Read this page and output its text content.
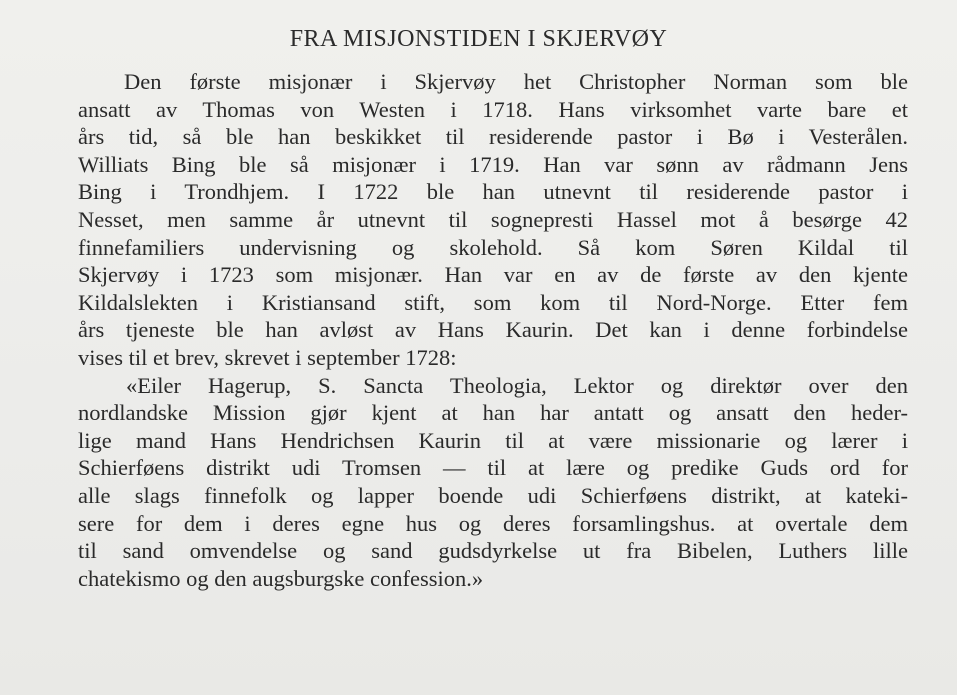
FRA MISJONSTIDEN I SKJERVØY
Den første misjonær i Skjervøy het Christopher Norman som ble
ansatt av Thomas von Westen i 1718. Hans virksomhet varte bare et
års tid, så ble han beskikket til residerende pastor i Bø i Vesterålen.
Williats Bing ble så misjonær i 1719. Han var sønn av rådmann Jens
Bing i Trondhjem. I 1722 ble han utnevnt til residerende pastor i
Nesset, men samme år utnevnt til sognepresti Hassel mot å besørge 42
finnefamiliers undervisning og skolehold. Så kom Søren Kildal til
Skjervøy i 1723 som misjonær. Han var en av de første av den kjente
Kildalslekten i Kristiansand stift, som kom til Nord-Norge. Etter fem
års tjeneste ble han avløst av Hans Kaurin. Det kan i denne forbindelse
vises til et brev, skrevet i september 1728:
«Eiler Hagerup, S. Sancta Theologia, Lektor og direktør over den
nordlandske Mission gjør kjent at han har antatt og ansatt den heder-
lige mand Hans Hendrichsen Kaurin til at være missionarie og lærer i
Schierføens distrikt udi Tromsen — til at lære og predike Guds ord for
alle slags finnefolk og lapper boende udi Schierføens distrikt, at kateki-
sere for dem i deres egne hus og deres forsamlingshus. at overtale dem
til sand omvendelse og sand gudsdyrkelse ut fra Bibelen, Luthers lille
chatekismo og den augsburgske confession.»
